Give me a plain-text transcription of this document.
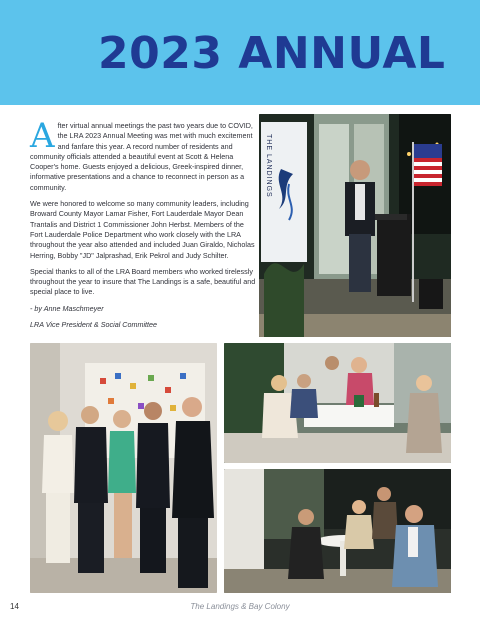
2023 ANNUAL

After virtual annual meetings the past two years due to COVID, the LRA 2023 Annual Meeting was met with much excitement and fanfare this year. A record number of residents and community officials attended a beautiful event at Scott & Helena Cooper's home. Guests enjoyed a delicious, Greek-inspired dinner, informative presentations and a chance to reconnect in person as a community.

We were honored to welcome so many community leaders, including Broward County Mayor Lamar Fisher, Fort Lauderdale Mayor Dean Trantalis and District 1 Commissioner John Herbst. Members of the Fort Lauderdale Police Department who work closely with the LRA throughout the year also attended and included Juan Giraldo, Nicholas Herring, Bobby "JD" Jalprashad, Erik Pekrol and Judy Schilter.

Special thanks to all of the LRA Board members who worked tirelessly throughout the year to insure that The Landings is a safe, beautiful and special place to live.

- by Anne Maschmeyer

LRA Vice President & Social Committee

THE LANDINGS
14	The Landings & Bay Colony
